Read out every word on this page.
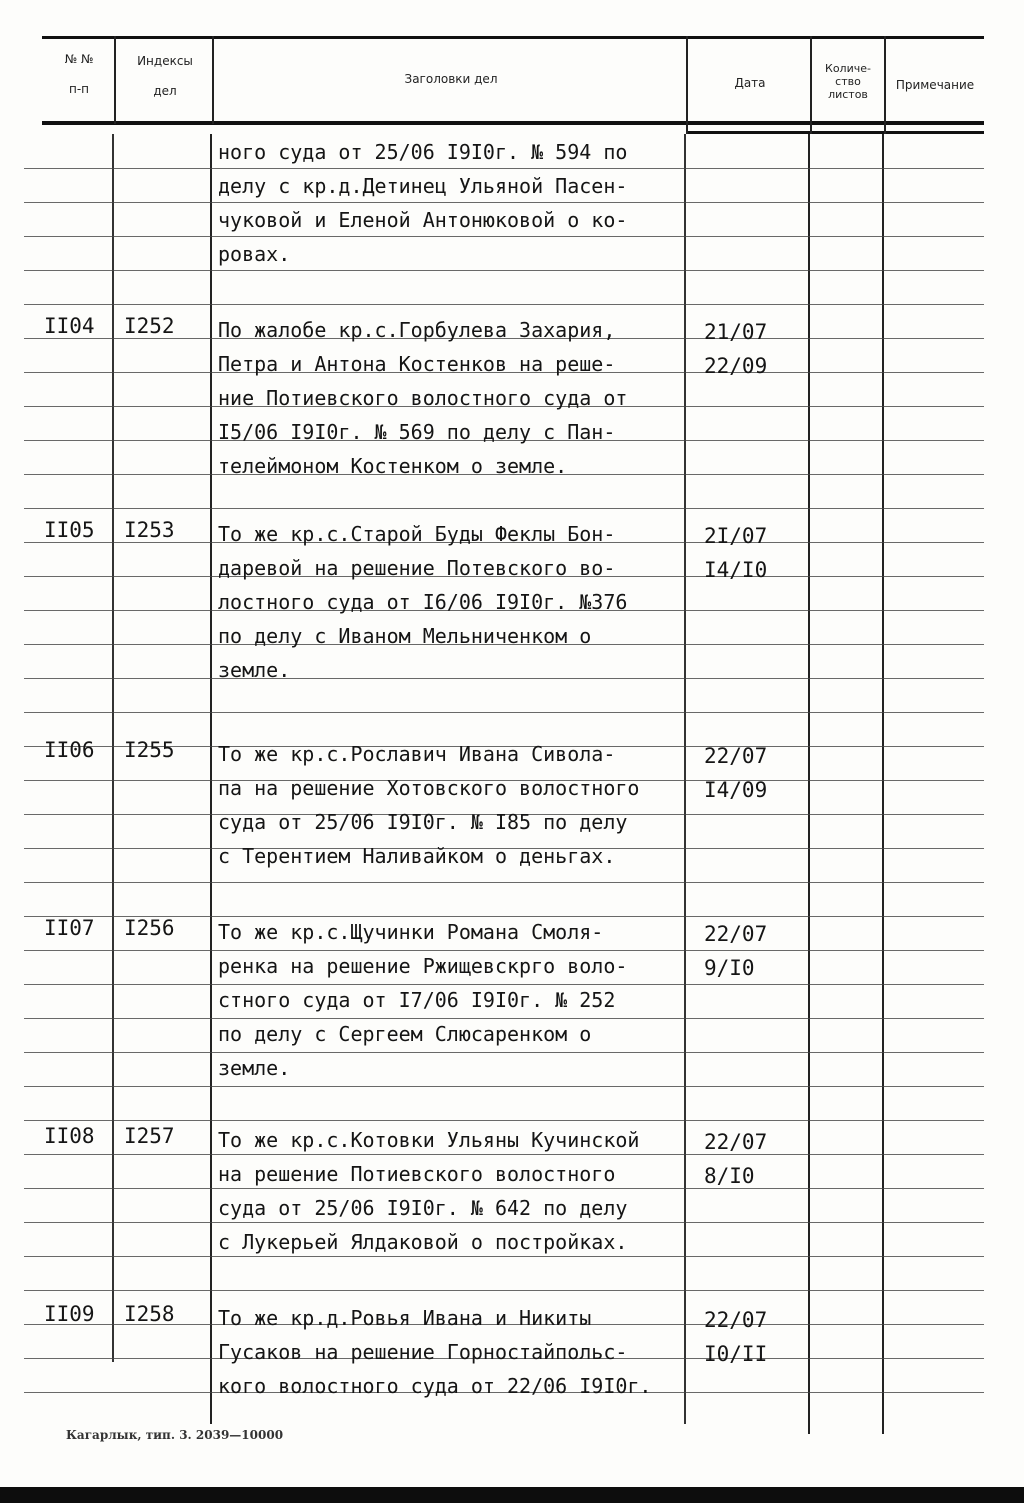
№ №
п-п
Индексы
дел
Заголовки дел	Дата
Количе-
ство
листов
Примечание
ного суда от 25/06 I9I0г. № 594 по
делу с кр.д.Детинец Ульяной Пасен-
чуковой и Еленой Антонюковой о ко-
ровах.
II04 I252 По жалобе кр.с.Горбулева Захария,
Петра и Антона Костенков на реше-
ние Потиевского волостного суда от
I5/06 I9I0г. № 569 по делу с Пан-
телеймоном Костенком о земле.
21/07
22/09
II05 I253 То же кр.с.Старой Буды Феклы Бон-
даревой на решение Потевского во-
лостного суда от I6/06 I9I0г. №376
по делу с Иваном Мельниченком о
земле.
2I/07
I4/I0
II06 I255 То же кр.с.Рославич Ивана Сивола-
па на решение Хотовского волостного
суда от 25/06 I9I0г. № I85 по делу
с Терентием Наливайком о деньгах.
22/07
I4/09
II07 I256 То же кр.с.Щучинки Романа Смоля-
ренка на решение Ржищевскрго воло-
стного суда от I7/06 I9I0г. № 252
по делу с Сергеем Слюсаренком о
земле.
22/07
9/I0
II08 I257 То же кр.с.Котовки Ульяны Кучинской
на решение Потиевского волостного
суда от 25/06 I9I0г. № 642 по делу
с Лукерьей Ялдаковой о постройках.
22/07
8/I0
II09 I258 То же кр.д.Ровья Ивана и Никиты
Гусаков на решение Горностайпольс-
кого волостного суда от 22/06 I9I0г.
22/07
I0/II
Кагарлык, тип. 3. 2039—10000
